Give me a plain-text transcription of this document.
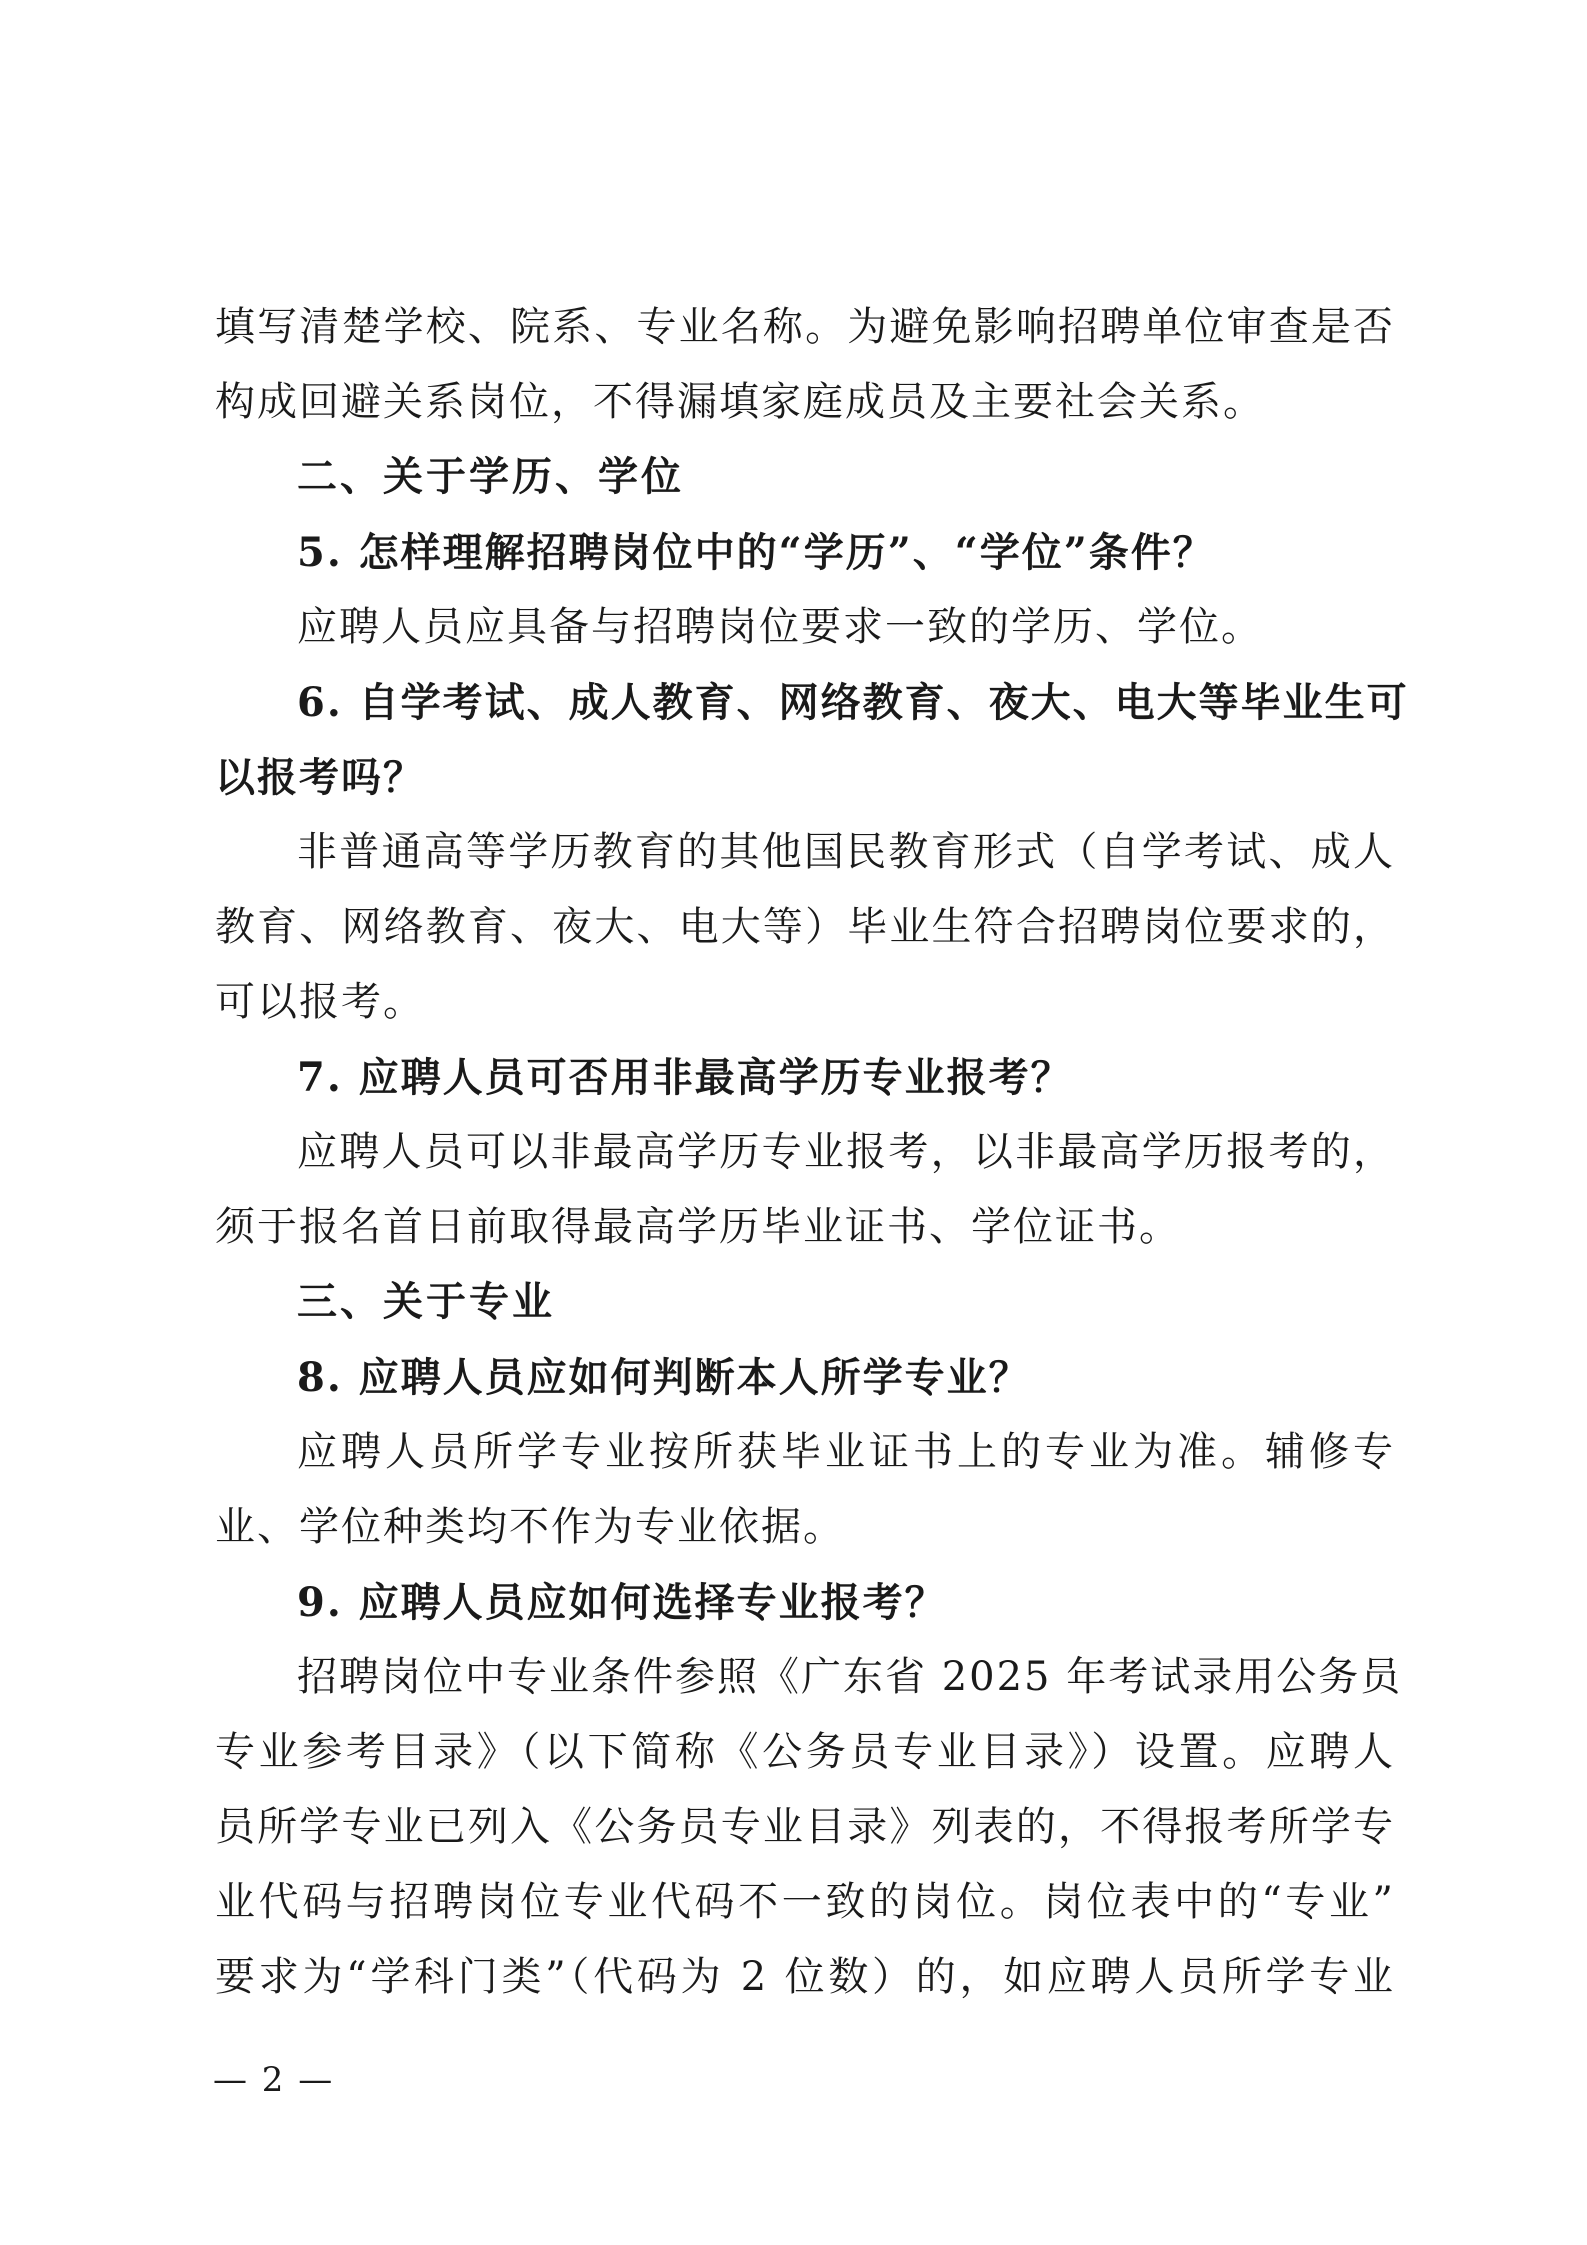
填写清楚学校、院系、专业名称。为避免影响招聘单位审查是否
构成回避关系岗位，不得漏填家庭成员及主要社会关系。
二、关于学历、学位
5. 怎样理解招聘岗位中的“学历”、“学位”条件？
应聘人员应具备与招聘岗位要求一致的学历、学位。
6. 自学考试、成人教育、网络教育、夜大、电大等毕业生可
以报考吗？
非普通高等学历教育的其他国民教育形式（自学考试、成人
教育、网络教育、夜大、电大等）毕业生符合招聘岗位要求的，
可以报考。
7. 应聘人员可否用非最高学历专业报考？
应聘人员可以非最高学历专业报考，以非最高学历报考的，
须于报名首日前取得最高学历毕业证书、学位证书。
三、关于专业
8. 应聘人员应如何判断本人所学专业？
应聘人员所学专业按所获毕业证书上的专业为准。辅修专
业、学位种类均不作为专业依据。
9. 应聘人员应如何选择专业报考？
招聘岗位中专业条件参照《广东省 2025 年考试录用公务员
专业参考目录》（以下简称《公务员专业目录》）设置。应聘人
员所学专业已列入《公务员专业目录》列表的，不得报考所学专
业代码与招聘岗位专业代码不一致的岗位。岗位表中的“专业”
要求为“学科门类”（代码为 2 位数）的，如应聘人员所学专业
— 2 —
